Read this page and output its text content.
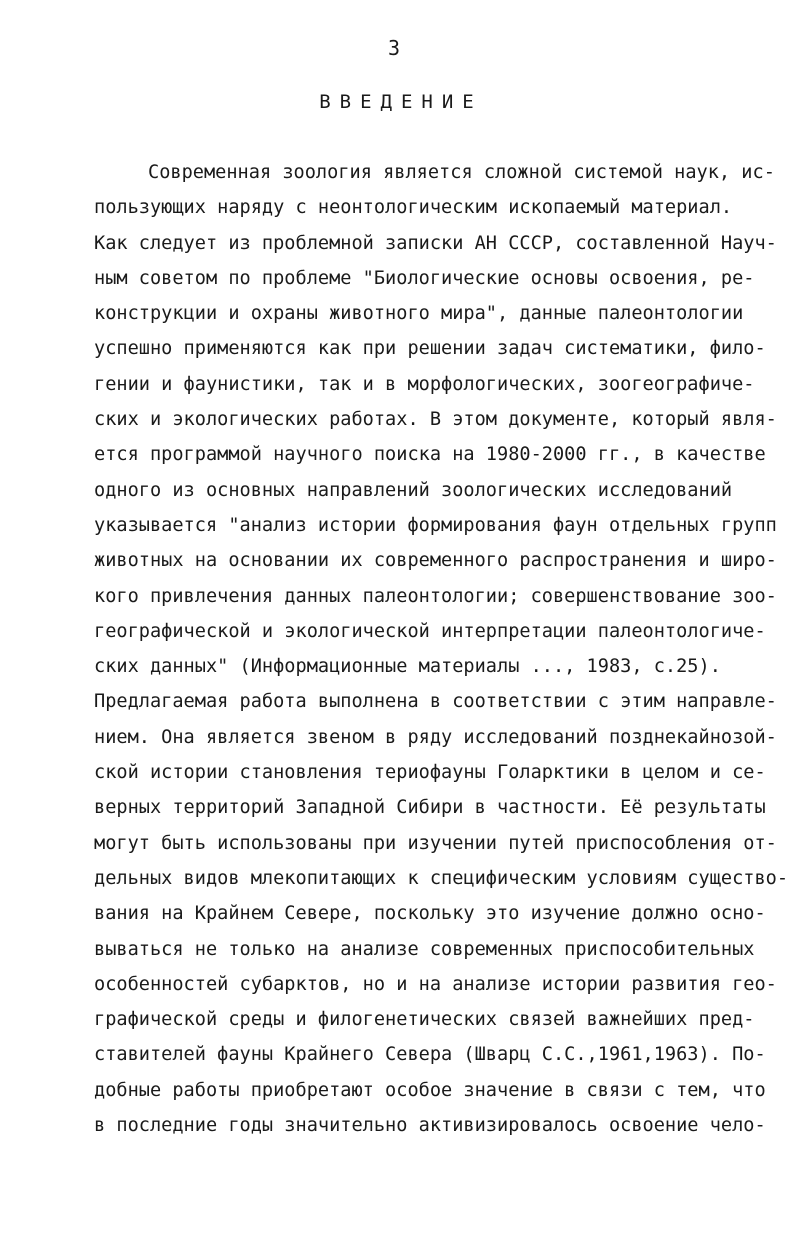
3
ВВЕДЕНИЕ
Современная зоология является сложной системой наук, ис-
пользующих наряду с неонтологическим ископаемый материал.
Как следует из проблемной записки АН СССР, составленной Науч-
ным советом по проблеме "Биологические основы освоения, ре-
конструкции и охраны животного мира", данные палеонтологии
успешно применяются как при решении задач систематики, фило-
гении и фаунистики, так и в морфологических, зоогеографиче-
ских и экологических работах. В этом документе, который явля-
ется программой научного поиска на 1980-2000 гг., в качестве
одного из основных направлений зоологических исследований
указывается "анализ истории формирования фаун отдельных групп
животных на основании их современного распространения и широ-
кого привлечения данных палеонтологии; совершенствование зоо-
географической и экологической интерпретации палеонтологиче-
ских данных" (Информационные материалы ..., 1983, с.25).
Предлагаемая работа выполнена в соответствии с этим направле-
нием. Она является звеном в ряду исследований позднекайнозой-
ской истории становления териофауны Голарктики в целом и се-
верных территорий Западной Сибири в частности. Её результаты
могут быть использованы при изучении путей приспособления от-
дельных видов млекопитающих к специфическим условиям существо-
вания на Крайнем Севере, поскольку это изучение должно осно-
вываться не только на анализе современных приспособительных
особенностей субарктов, но и на анализе истории развития гео-
графической среды и филогенетических связей важнейших пред-
ставителей фауны Крайнего Севера (Шварц С.С.,1961,1963). По-
добные работы приобретают особое значение в связи с тем, что
в последние годы значительно активизировалось освоение чело-
